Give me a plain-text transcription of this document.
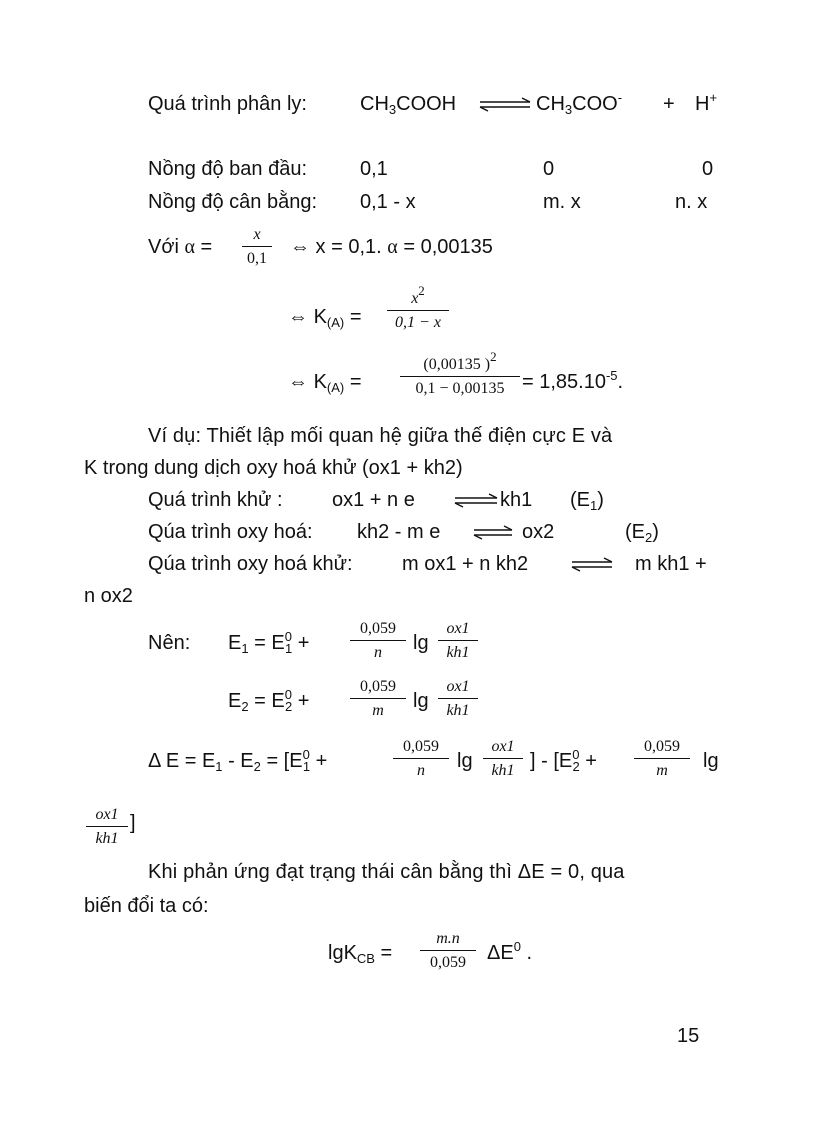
Quá trình phân ly:	$CH_3COOH$ ⇌ $CH_3COO^- + H^+$
Nồng độ ban đầu:	0,1	0	0
Nồng độ cân bằng: 0,1 - x	m. x	n. x
Với $\alpha = \frac{x}{0,1}$ ⇔ x = 0,1. α = 0,00135
⇔ $K_{(A)} = \frac{x^2}{0,1 - x}$
⇔ $K_{(A)} = \frac{(0,00135 )^2}{0,1 - 0,00135} = 1,85.10^{-5}$.
Ví dụ: Thiết lập mối quan hệ giữa thế điện cực E và
K trong dung dịch oxy hoá khử (ox1 + kh2)
Quá trình khử : ox1 + n e ⇌ kh1 $(E_1)$
Qúa trình oxy hoá: kh2 - m e ⇌ ox2	$(E_2)$
Qúa trình oxy hoá khử: m ox1 + n kh2 ⇌ m kh1 +
n ox2
Nên: $E_1 = E^0_1$ +	$\frac{0,059}{n}$ $\lg \frac{ox1}{kh1}$
$E_2 = E^0_2$ +	$\frac{0,059}{m}$ $\lg \frac{ox1}{kh1}$
Δ $E = E_1 - E_2 = [E^0_1$ +	$\frac{0,059}{n}$ $\lg \frac{ox1}{kh1}$ ] - [$E^0_2 + \frac{0,059}{m}$ lg
$\frac{ox1}{kh1}$ ]
Khi phản ứng đạt trạng thái cân bằng thì ΔE = 0, qua
biến đổi ta có:
$\lg K_{CB} = \frac{m.n}{0,059} \Delta E^0$ .
15
